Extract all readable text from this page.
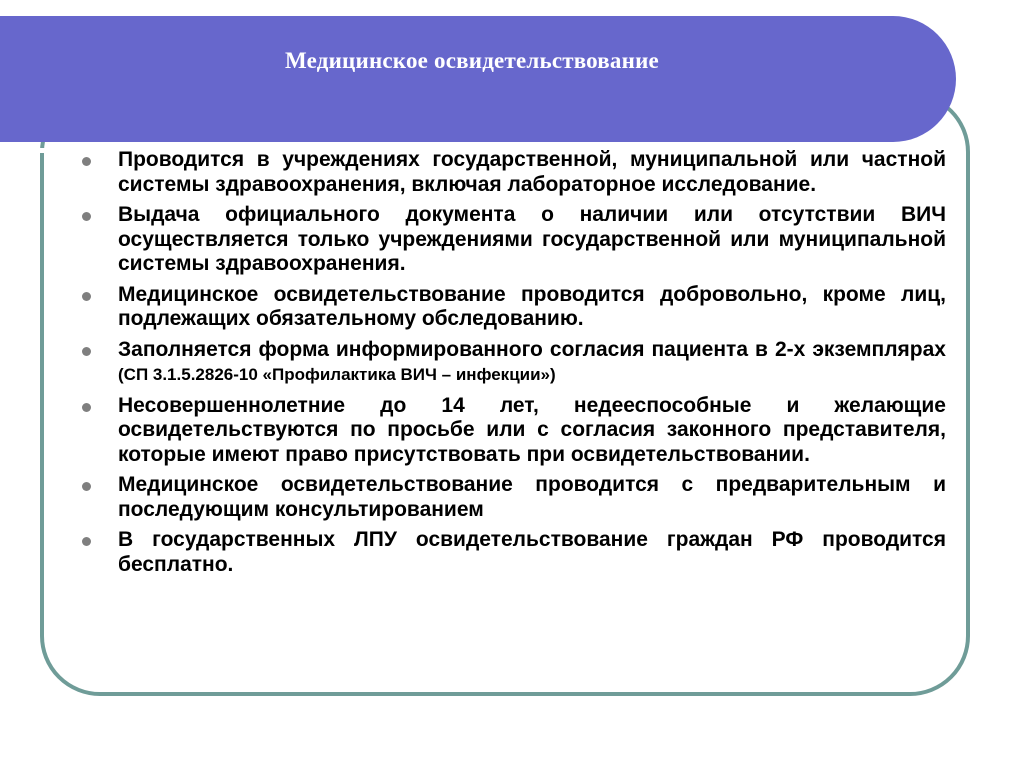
Медицинское освидетельствование
Проводится в учреждениях государственной, муниципальной или частной системы здравоохранения, включая лабораторное исследование.
Выдача официального документа о наличии или отсутствии ВИЧ осуществляется только учреждениями государственной или муниципальной системы здравоохранения.
Медицинское освидетельствование проводится добровольно, кроме лиц, подлежащих обязательному обследованию.
Заполняется форма информированного согласия пациента в 2-х экземплярах (СП 3.1.5.2826-10 «Профилактика ВИЧ – инфекции»)
Несовершеннолетние до 14 лет, недееспособные и желающие освидетельствуются по просьбе или с согласия законного представителя, которые имеют право присутствовать при освидетельствовании.
Медицинское освидетельствование проводится с предварительным и последующим консультированием
В государственных ЛПУ освидетельствование граждан РФ проводится бесплатно.
